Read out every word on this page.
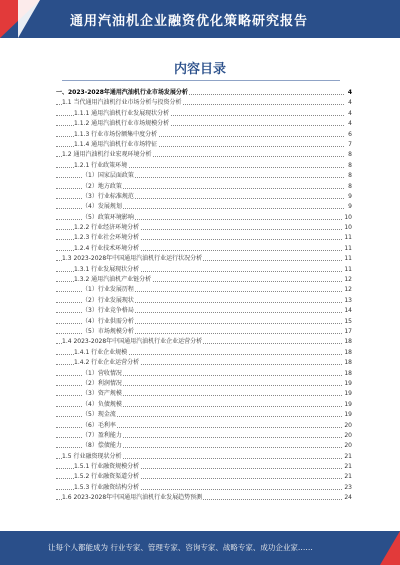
通用汽油机企业融资优化策略研究报告
内容目录
一、2023-2028年通用汽油机行业市场发展分析	4
1.1 当代通用汽油机行业市场分析与投资分析	4
1.1.1 通用汽油机行业发展现状分析	4
1.1.2 通用汽油机行业市场规模分析	4
1.1.3 行业市场份额集中度分析	6
1.1.4 通用汽油机行业市场特征	7
1.2 通用汽油机行业宏观环境分析	8
1.2.1 行业政策环境	8
（1）国家层面政策	8
（2）地方政策	8
（3）行业标准规范	9
（4）发展规划	9
（5）政策环境影响	10
1.2.2 行业经济环境分析	10
1.2.3 行业社会环境分析	11
1.2.4 行业技术环境分析	11
1.3 2023-2028年中国通用汽油机行业运行状况分析	11
1.3.1 行业发展现状分析	11
1.3.2 通用汽油机产业链分析	12
（1）行业发展历程	12
（2）行业发展现状	13
（3）行业竞争格局	14
（4）行业供需分析	15
（5）市场规模分析	17
1.4 2023-2028年中国通用汽油机行业企业运营分析	18
1.4.1 行业企业规模	18
1.4.2 行业企业运营分析	18
（1）营收情况	18
（2）利润情况	19
（3）资产规模	19
（4）负债规模	19
（5）现金流	19
（6）毛利率	20
（7）盈利能力	20
（8）偿债能力	20
1.5 行业融资现状分析	21
1.5.1 行业融资规模分析	21
1.5.2 行业融资渠道分析	21
1.5.3 行业融资结构分析	23
1.6 2023-2028年中国通用汽油机行业发展趋势预测	24
让每个人都能成为 行业专家、管理专家、咨询专家、战略专家、成功企业家……
